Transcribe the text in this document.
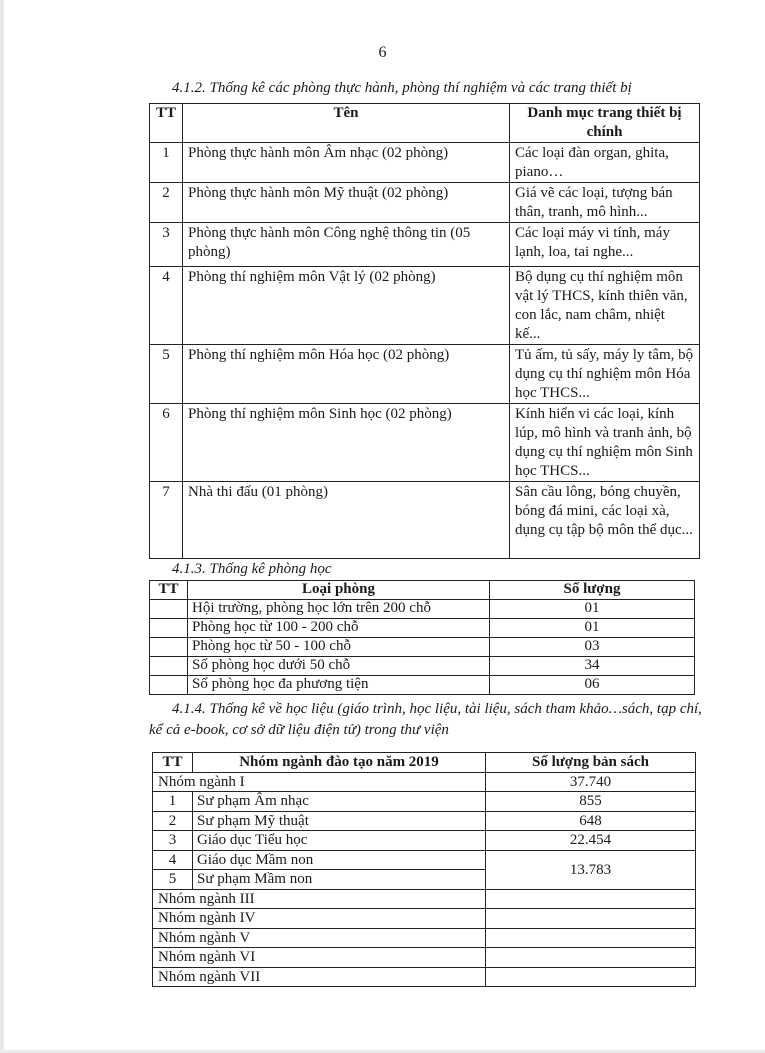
6
4.1.2. Thống kê các phòng thực hành, phòng thí nghiệm và các trang thiết bị
TT	Tên	Danh mục trang thiết bị chính
1	Phòng thực hành môn Âm nhạc (02 phòng)	Các loại đàn organ, ghita, piano…
2	Phòng thực hành môn Mỹ thuật (02 phòng)	Giá vẽ các loại, tượng bán thân, tranh, mô hình...
3	Phòng thực hành môn Công nghệ thông tin (05 phòng)	Các loại máy vi tính, máy lạnh, loa, tai nghe...
4	Phòng thí nghiệm môn Vật lý (02 phòng)	Bộ dụng cụ thí nghiệm môn vật lý THCS, kính thiên văn, con lắc, nam châm, nhiệt kế...
5	Phòng thí nghiệm môn Hóa học (02 phòng)	Tủ ấm, tủ sấy, máy ly tâm, bộ dụng cụ thí nghiệm môn Hóa học THCS...
6	Phòng thí nghiệm môn Sinh học (02 phòng)	Kính hiển vi các loại, kính lúp, mô hình và tranh ảnh, bộ dụng cụ thí nghiệm môn Sinh học THCS...
7	Nhà thi đấu (01 phòng)	Sân cầu lông, bóng chuyền, bóng đá mini, các loại xà, dụng cụ tập bộ môn thể dục...
4.1.3. Thống kê phòng học
TT	Loại phòng	Số lượng
	Hội trường, phòng học lớn trên 200 chỗ	01
	Phòng học từ 100 - 200 chỗ	01
	Phòng học từ 50 - 100 chỗ	03
	Số phòng học dưới 50 chỗ	34
	Số phòng học đa phương tiện	06
4.1.4. Thống kê về học liệu (giáo trình, học liệu, tài liệu, sách tham khảo…sách, tạp chí, kể cả e-book, cơ sở dữ liệu điện tử) trong thư viện
TT	Nhóm ngành đào tạo năm 2019	Số lượng bản sách
Nhóm ngành I		37.740
1	Sư phạm Âm nhạc	855
2	Sư phạm Mỹ thuật	648
3	Giáo dục Tiểu học	22.454
4	Giáo dục Mầm non	13.783
5	Sư phạm Mầm non	
Nhóm ngành III		
Nhóm ngành IV		
Nhóm ngành V		
Nhóm ngành VI		
Nhóm ngành VII		
